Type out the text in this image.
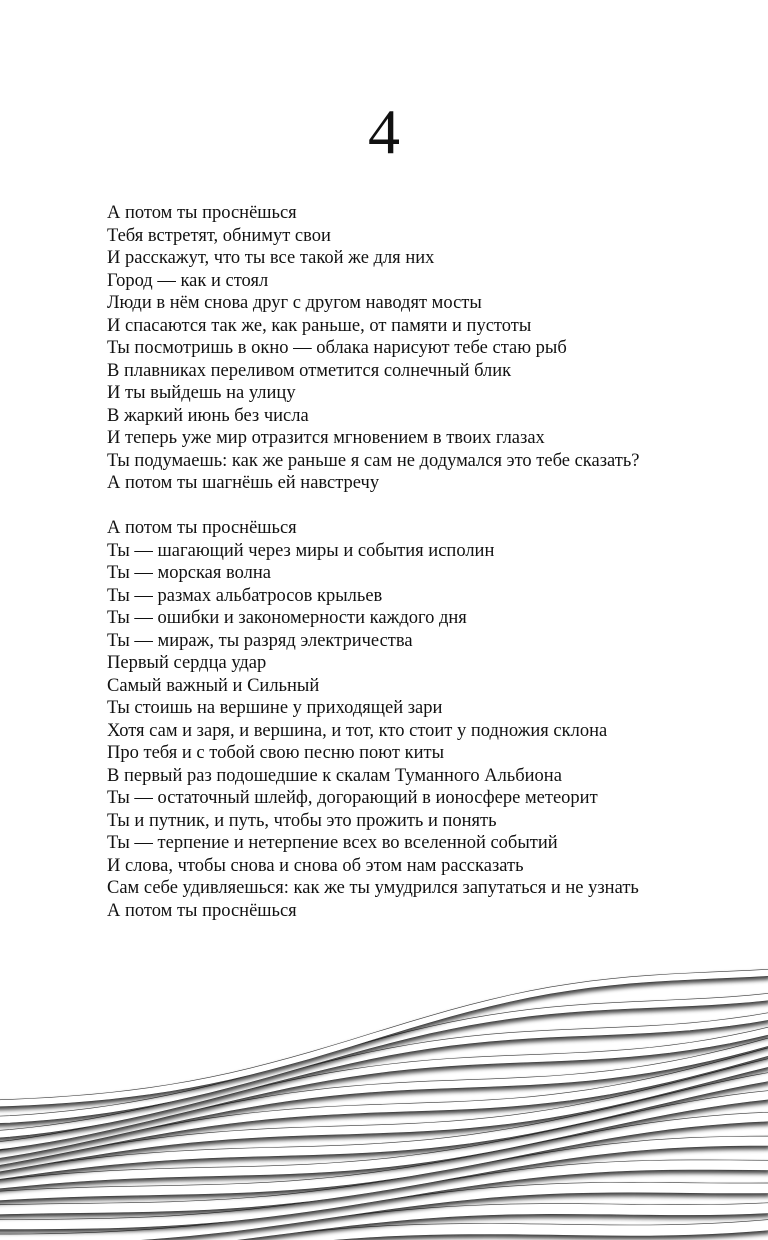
4
А потом ты проснёшься
Тебя встретят, обнимут свои
И расскажут, что ты все такой же для них
Город — как и стоял
Люди в нём снова друг с другом наводят мосты
И спасаются так же, как раньше, от памяти и пустоты
Ты посмотришь в окно — облака нарисуют тебе стаю рыб
В плавниках переливом отметится солнечный блик
И ты выйдешь на улицу
В жаркий июнь без числа
И теперь уже мир отразится мгновением в твоих глазах
Ты подумаешь: как же раньше я сам не додумался это тебе сказать?
А потом ты шагнёшь ей навстречу
А потом ты проснёшься
Ты — шагающий через миры и события исполин
Ты — морская волна
Ты — размах альбатросов крыльев
Ты — ошибки и закономерности каждого дня
Ты — мираж, ты разряд электричества
Первый сердца удар
Самый важный и Сильный
Ты стоишь на вершине у приходящей зари
Хотя сам и заря, и вершина, и тот, кто стоит у подножия склона
Про тебя и с тобой свою песню поют киты
В первый раз подошедшие к скалам Туманного Альбиона
Ты — остаточный шлейф, догорающий в ионосфере метеорит
Ты и путник, и путь, чтобы это прожить и понять
Ты — терпение и нетерпение всех во вселенной событий
И слова, чтобы снова и снова об этом нам рассказать
Сам себе удивляешься: как же ты умудрился запутаться и не узнать
А потом ты проснёшься
